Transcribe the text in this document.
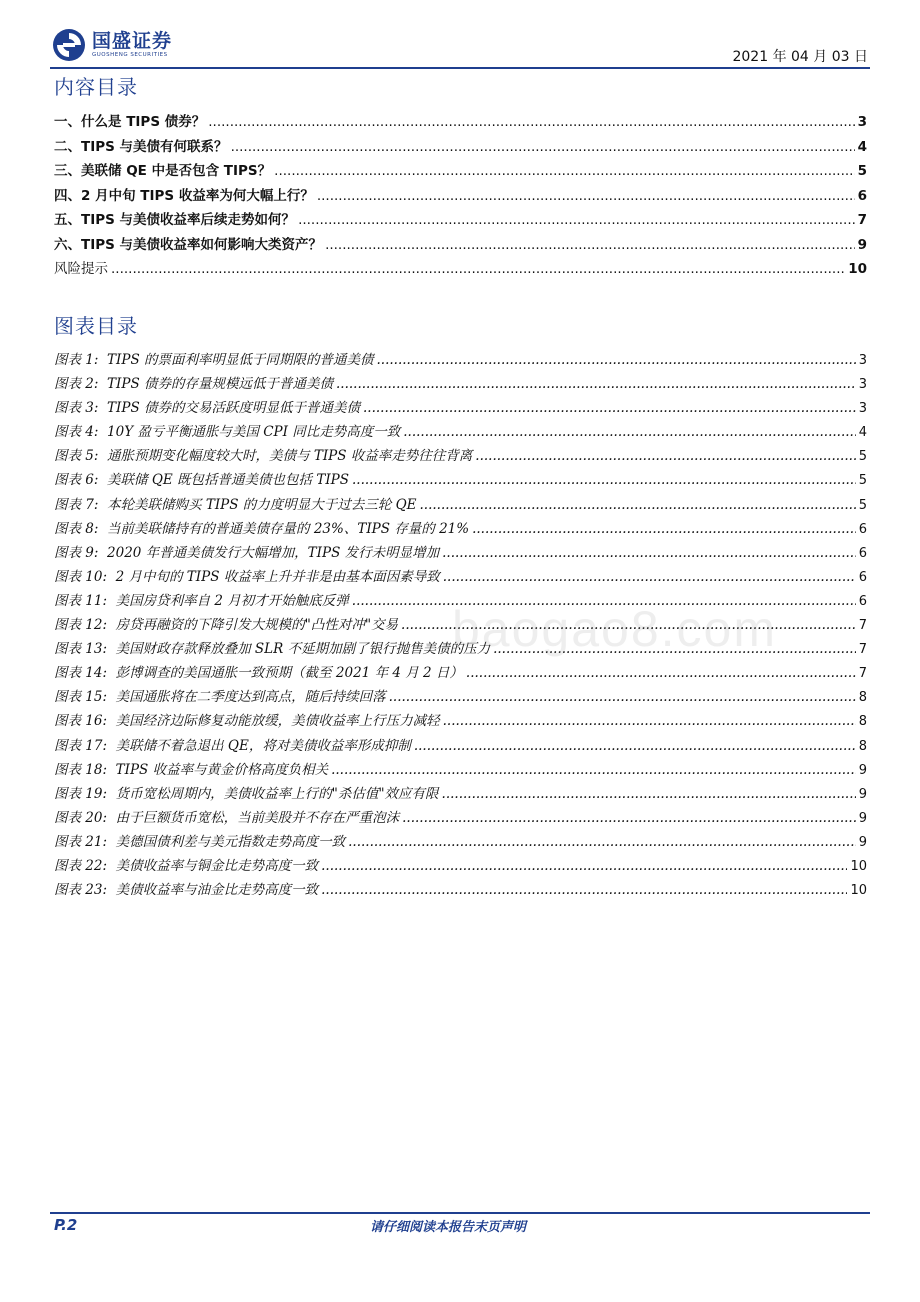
国盛证券
GUOSHENG SECURITIES	2021 年 04 月 03 日
内容目录
一、什么是 TIPS 债券？ .....	3
二、TIPS 与美债有何联系？ .....	4
三、美联储 QE 中是否包含 TIPS？ .....	5
四、2 月中旬 TIPS 收益率为何大幅上行？ .....	6
五、TIPS 与美债收益率后续走势如何？ .....	7
六、TIPS 与美债收益率如何影响大类资产？ .....	9
风险提示 .....	10
图表目录
图表 1: TIPS 的票面利率明显低于同期限的普通美债 .....	3
图表 2: TIPS 债券的存量规模远低于普通美债 .....	3
图表 3: TIPS 债券的交易活跃度明显低于普通美债 .....	3
图表 4: 10Y 盈亏平衡通胀与美国 CPI 同比走势高度一致 .....	4
图表 5: 通胀预期变化幅度较大时，美债与 TIPS 收益率走势往往背离 .....	5
图表 6: 美联储 QE 既包括普通美债也包括 TIPS .....	5
图表 7: 本轮美联储购买 TIPS 的力度明显大于过去三轮 QE .....	5
图表 8: 当前美联储持有的普通美债存量的 23%、TIPS 存量的 21% .....	6
图表 9: 2020 年普通美债发行大幅增加，TIPS 发行未明显增加 .....	6
图表 10: 2 月中旬的 TIPS 收益率上升并非是由基本面因素导致 .....	6
图表 11: 美国房贷利率自 2 月初才开始触底反弹 .....	6
图表 12: 房贷再融资的下降引发大规模的"凸性对冲"交易 .....	7
图表 13: 美国财政存款释放叠加 SLR 不延期加剧了银行抛售美债的压力 .....	7
图表 14: 彭博调查的美国通胀一致预期（截至 2021 年 4 月 2 日） .....	7
图表 15: 美国通胀将在二季度达到高点，随后持续回落 .....	8
图表 16: 美国经济边际修复动能放缓，美债收益率上行压力减轻 .....	8
图表 17: 美联储不着急退出 QE，将对美债收益率形成抑制 .....	8
图表 18: TIPS 收益率与黄金价格高度负相关 .....	9
图表 19: 货币宽松周期内，美债收益率上行的"杀估值"效应有限 .....	9
图表 20: 由于巨额货币宽松，当前美股并不存在严重泡沫 .....	9
图表 21: 美德国债利差与美元指数走势高度一致 .....	9
图表 22: 美债收益率与铜金比走势高度一致 .....	10
图表 23: 美债收益率与油金比走势高度一致 .....	10
baogao8.com
P.2	请仔细阅读本报告末页声明
